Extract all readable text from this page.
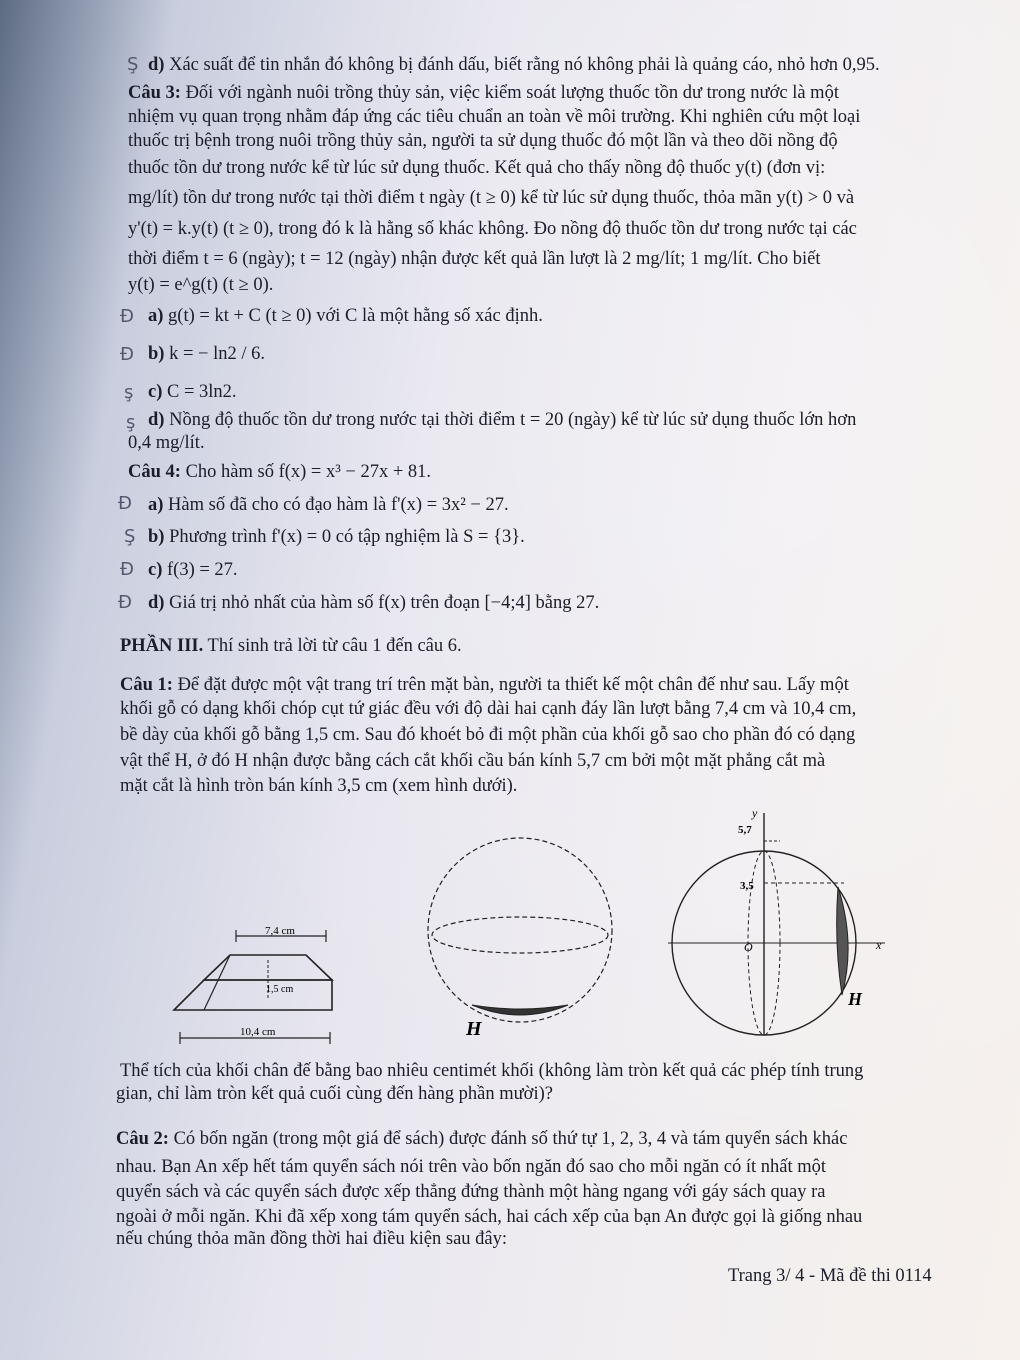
Ş
Đ
Đ
ş
ş
Đ
Ş
Đ
Đ
d) Xác suất để tin nhắn đó không bị đánh dấu, biết rằng nó không phải là quảng cáo, nhỏ hơn 0,95.
Câu 3: Đối với ngành nuôi trồng thủy sản, việc kiểm soát lượng thuốc tồn dư trong nước là một
nhiệm vụ quan trọng nhằm đáp ứng các tiêu chuẩn an toàn về môi trường. Khi nghiên cứu một loại
thuốc trị bệnh trong nuôi trồng thủy sản, người ta sử dụng thuốc đó một lần và theo dõi nồng độ
thuốc tồn dư trong nước kể từ lúc sử dụng thuốc. Kết quả cho thấy nồng độ thuốc y(t) (đơn vị:
mg/lít) tồn dư trong nước tại thời điểm t ngày (t ≥ 0) kể từ lúc sử dụng thuốc, thỏa mãn y(t) > 0 và
y'(t) = k.y(t) (t ≥ 0), trong đó k là hằng số khác không. Đo nồng độ thuốc tồn dư trong nước tại các
thời điểm t = 6 (ngày); t = 12 (ngày) nhận được kết quả lần lượt là 2 mg/lít; 1 mg/lít. Cho biết
y(t) = e^g(t) (t ≥ 0).
a) g(t) = kt + C (t ≥ 0) với C là một hằng số xác định.
b) k = − ln2 / 6.
c) C = 3ln2.
d) Nồng độ thuốc tồn dư trong nước tại thời điểm t = 20 (ngày) kể từ lúc sử dụng thuốc lớn hơn
0,4 mg/lít.
Câu 4: Cho hàm số f(x) = x³ − 27x + 81.
a) Hàm số đã cho có đạo hàm là f'(x) = 3x² − 27.
b) Phương trình f'(x) = 0 có tập nghiệm là S = {3}.
c) f(3) = 27.
d) Giá trị nhỏ nhất của hàm số f(x) trên đoạn [−4;4] bằng 27.
PHẦN III. Thí sinh trả lời từ câu 1 đến câu 6.
Câu 1: Để đặt được một vật trang trí trên mặt bàn, người ta thiết kế một chân đế như sau. Lấy một
khối gỗ có dạng khối chóp cụt tứ giác đều với độ dài hai cạnh đáy lần lượt bằng 7,4 cm và 10,4 cm,
bề dày của khối gỗ bằng 1,5 cm. Sau đó khoét bỏ đi một phần của khối gỗ sao cho phần đó có dạng
vật thể H, ở đó H nhận được bằng cách cắt khối cầu bán kính 5,7 cm bởi một mặt phẳng cắt mà
mặt cắt là hình tròn bán kính 3,5 cm (xem hình dưới).
Thể tích của khối chân đế bằng bao nhiêu centimét khối (không làm tròn kết quả các phép tính trung
gian, chỉ làm tròn kết quả cuối cùng đến hàng phần mười)?
Câu 2: Có bốn ngăn (trong một giá để sách) được đánh số thứ tự 1, 2, 3, 4 và tám quyển sách khác
nhau. Bạn An xếp hết tám quyển sách nói trên vào bốn ngăn đó sao cho mỗi ngăn có ít nhất một
quyển sách và các quyển sách được xếp thẳng đứng thành một hàng ngang với gáy sách quay ra
ngoài ở mỗi ngăn. Khi đã xếp xong tám quyển sách, hai cách xếp của bạn An được gọi là giống nhau
nếu chúng thỏa mãn đồng thời hai điều kiện sau đây:
7,4 cm
1,5 cm
10,4 cm	H
y
5,7
3,5
O	x
H
Trang 3/ 4 - Mã đề thi 0114
